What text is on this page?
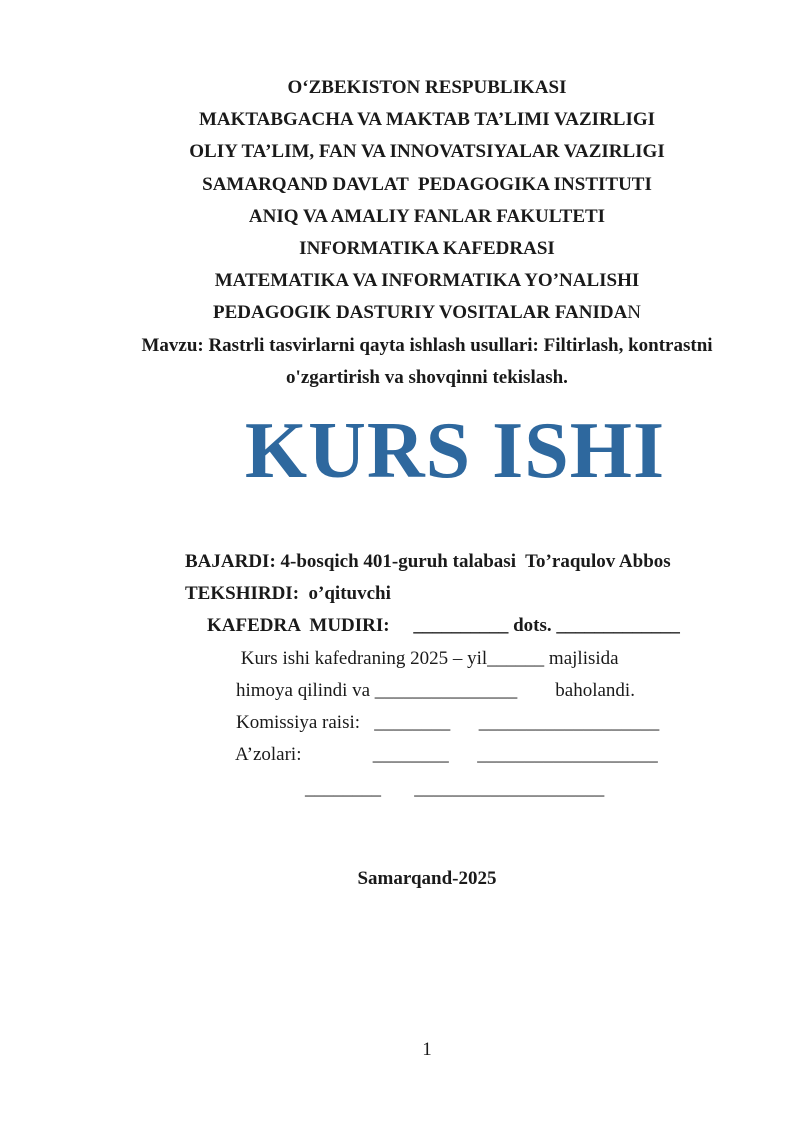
O‘ZBEKISTON RESPUBLIKASI
MAKTABGACHA VA MAKTAB TA’LIMI VAZIRLIGI
OLIY TA’LIM, FAN VA INNOVATSIYALAR VAZIRLIGI
SAMARQAND DAVLAT  PEDAGOGIKA INSTITUTI
ANIQ VA AMALIY FANLAR FAKULTETI
INFORMATIKA KAFEDRASI
MATEMATIKA VA INFORMATIKA YO’NALISHI
PEDAGOGIK DASTURIY VOSITALAR FANIDAN
Mavzu: Rastrli tasvirlarni qayta ishlash usullari: Filtirlash, kontrastni
o'zgartirish va shovqinni tekislash.
KURS ISHI
BAJARDI: 4-bosqich 401-guruh talabasi  To’raqulov Abbos
TEKSHIRDI:  o’qituvchi
KAFEDRA  MUDIRI:     __________ dots. _____________
Kurs ishi kafedraning 2025 – yil______ majlisida
himoya qilindi va _______________        baholandi.
Komissiya raisi:   ________      ___________________
A’zolari:               ________      ___________________
________       ____________________
Samarqand-2025
1
